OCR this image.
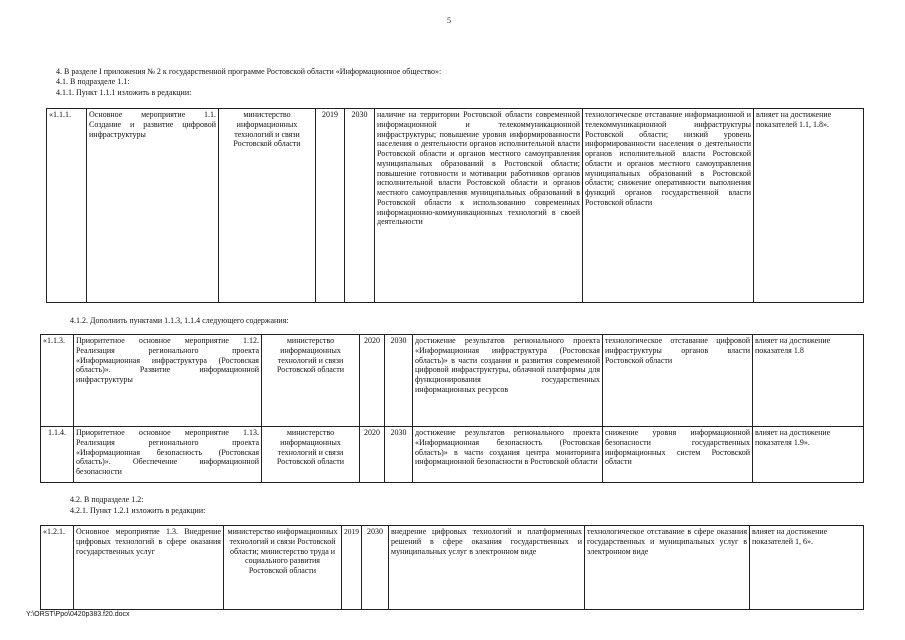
5
4. В разделе I приложения № 2 к государственной программе Ростовской области «Информационное общество»:
4.1. В подразделе 1.1:
4.1.1. Пункт 1.1.1 изложить в редакции:
«1.1.1.	Основное мероприятие 1.1. Создание и развитие цифровой инфраструктуры	министерство информационных технологий и связи Ростовской области	2019	2030	наличие на территории Ростовской области современной информационной и телекоммуникационной инфраструктуры; повышение уровня информированности населения о деятельности органов исполнительной власти Ростовской области и органов местного самоуправления муниципальных образований в Ростовской области; повышение готовности и мотивации работников органов исполнительной власти Ростовской области и органов местного самоуправления муниципальных образований в Ростовской области к использованию современных информационно-коммуникационных технологий в своей деятельности	технологическое отставание информационной и телекоммуникационной инфраструктуры Ростовской области; низкий уровень информированности населения о деятельности органов исполнительной власти Ростовской области и органов местного самоуправления муниципальных образований в Ростовской области; снижение оперативности выполнения функций органов государственной власти Ростовской области	влияет на достижение показателей 1.1, 1.8».
4.1.2. Дополнить пунктами 1.1.3, 1.1.4 следующего содержания:
«1.1.3.	Приоритетное основное мероприятие 1.12. Реализация регионального проекта «Информационная инфраструктура (Ростовская область)». Развитие информационной инфраструктуры	министерство информационных технологий и связи Ростовской области	2020	2030	достижение результатов регионального проекта «Информационная инфраструктура (Ростовская область)» в части создания и развития современной цифровой инфраструктуры, облачной платформы для функционирования государственных информационных ресурсов	технологическое отставание цифровой инфраструктуры органов власти Ростовской области	влияет на достижение показателя 1.8
1.1.4.	Приоритетное основное мероприятие 1.13. Реализация регионального проекта «Информационная безопасность (Ростовская область)». Обеспечение информационной безопасности	министерство информационных технологий и связи Ростовской области	2020	2030	достижение результатов регионального проекта «Информационная безопасность (Ростовская область)» в части создания центра мониторинга информационной безопасности в Ростовской области	снижение уровня информационной безопасности государственных информационных систем Ростовской области	влияет на достижение показателя 1.9».
4.2. В подразделе 1.2:
4.2.1. Пункт 1.2.1 изложить в редакции:
«1.2.1.	Основное мероприятие 1.3. Внедрение цифровых технологий в сфере оказания государственных услуг	министерство информационных технологий и связи Ростовской области; министерство труда и социального развития Ростовской области	2019	2030	внедрение цифровых технологий и платформенных решений в сфере оказания государственных и муниципальных услуг в электронном виде	технологическое отставание в сфере оказания государственных и муниципальных услуг в электронном виде	влияет на достижение показателей 1, 6».
Y:\ORST\Ppo\0420p383.f20.docx
